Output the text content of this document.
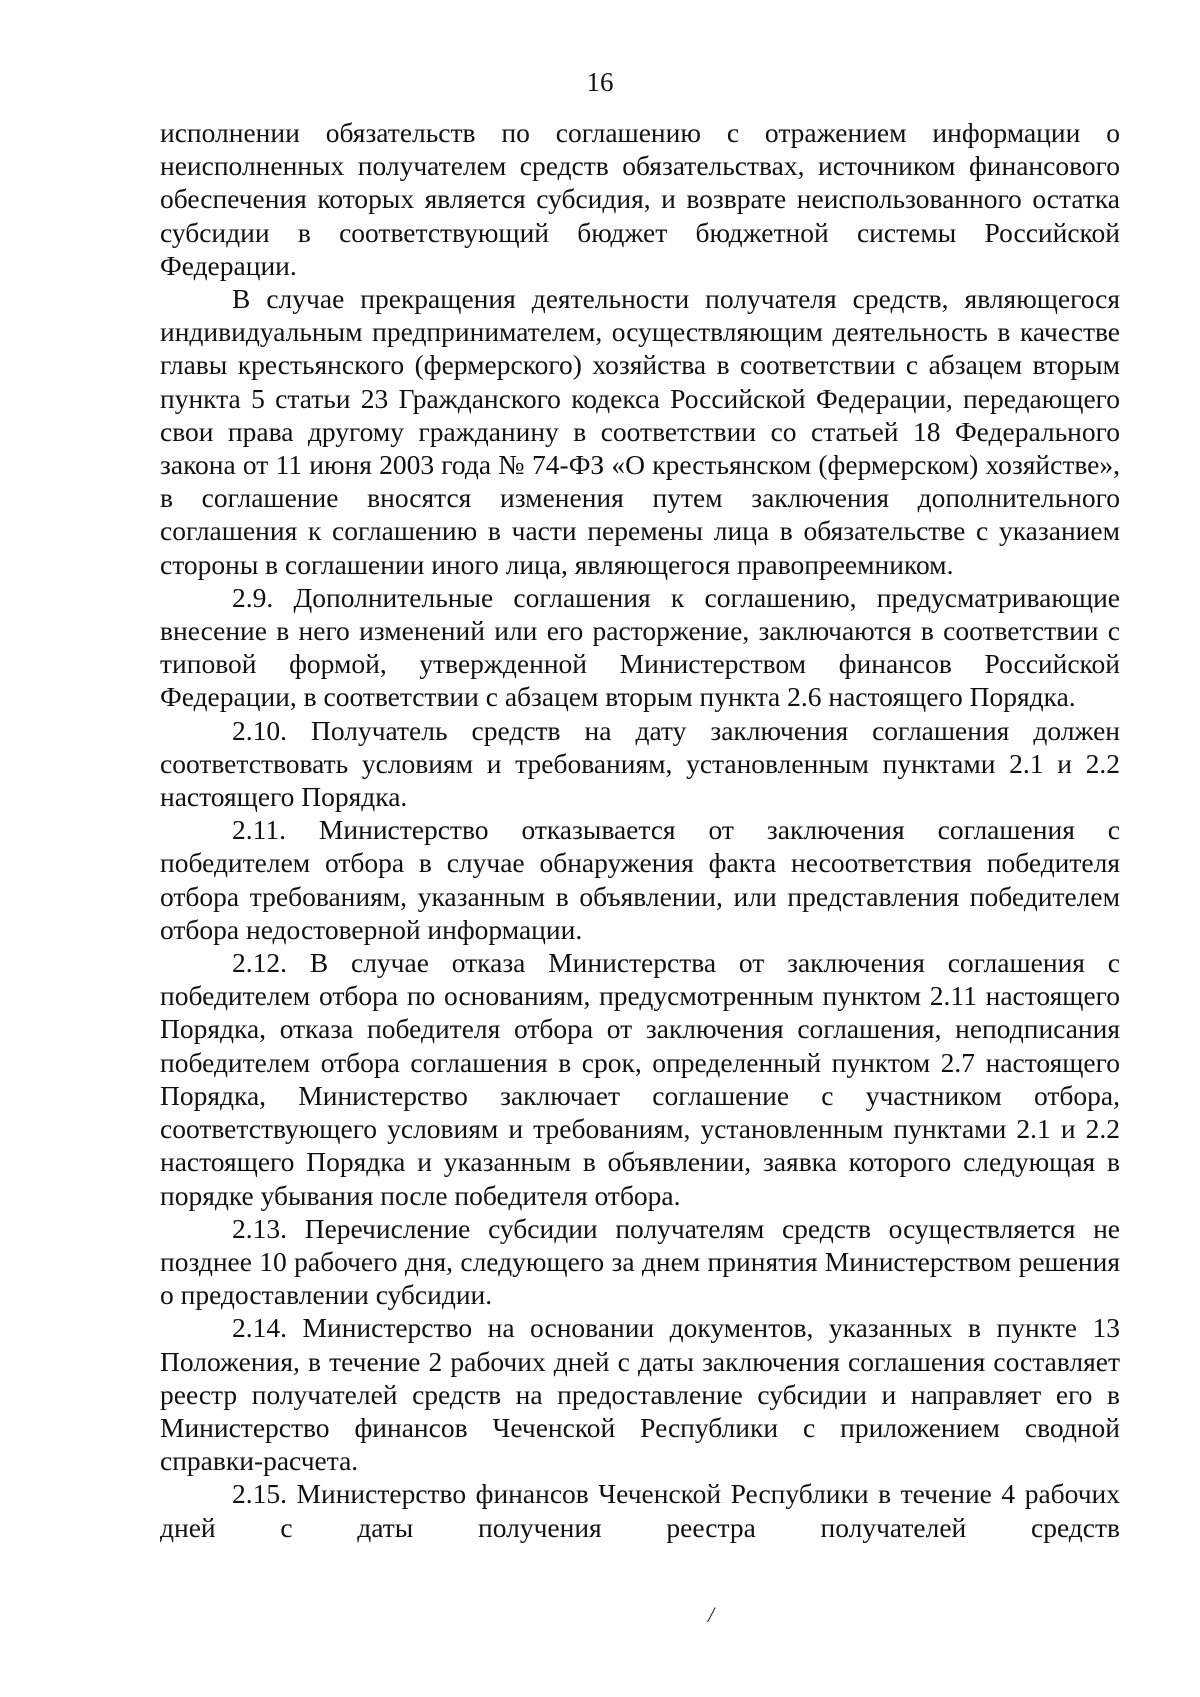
16

исполнении обязательств по соглашению с отражением информации о неисполненных получателем средств обязательствах, источником финансового обеспечения которых является субсидия, и возврате неиспользованного остатка субсидии в соответствующий бюджет бюджетной системы Российской Федерации.

В случае прекращения деятельности получателя средств, являющегося индивидуальным предпринимателем, осуществляющим деятельность в качестве главы крестьянского (фермерского) хозяйства в соответствии с абзацем вторым пункта 5 статьи 23 Гражданского кодекса Российской Федерации, передающего свои права другому гражданину в соответствии со статьей 18 Федерального закона от 11 июня 2003 года № 74-ФЗ «О крестьянском (фермерском) хозяйстве», в соглашение вносятся изменения путем заключения дополнительного соглашения к соглашению в части перемены лица в обязательстве с указанием стороны в соглашении иного лица, являющегося правопреемником.

2.9. Дополнительные соглашения к соглашению, предусматривающие внесение в него изменений или его расторжение, заключаются в соответствии с типовой формой, утвержденной Министерством финансов Российской Федерации, в соответствии с абзацем вторым пункта 2.6 настоящего Порядка.

2.10. Получатель средств на дату заключения соглашения должен соответствовать условиям и требованиям, установленным пунктами 2.1 и 2.2 настоящего Порядка.

2.11. Министерство отказывается от заключения соглашения с победителем отбора в случае обнаружения факта несоответствия победителя отбора требованиям, указанным в объявлении, или представления победителем отбора недостоверной информации.

2.12. В случае отказа Министерства от заключения соглашения с победителем отбора по основаниям, предусмотренным пунктом 2.11 настоящего Порядка, отказа победителя отбора от заключения соглашения, неподписания победителем отбора соглашения в срок, определенный пунктом 2.7 настоящего Порядка, Министерство заключает соглашение с участником отбора, соответствующего условиям и требованиям, установленным пунктами 2.1 и 2.2 настоящего Порядка и указанным в объявлении, заявка которого следующая в порядке убывания после победителя отбора.

2.13. Перечисление субсидии получателям средств осуществляется не позднее 10 рабочего дня, следующего за днем принятия Министерством решения о предоставлении субсидии.

2.14. Министерство на основании документов, указанных в пункте 13 Положения, в течение 2 рабочих дней с даты заключения соглашения составляет реестр получателей средств на предоставление субсидии и направляет его в Министерство финансов Чеченской Республики с приложением сводной справки-расчета.

2.15. Министерство финансов Чеченской Республики в течение 4 рабочих дней с даты получения реестра получателей средств

/
